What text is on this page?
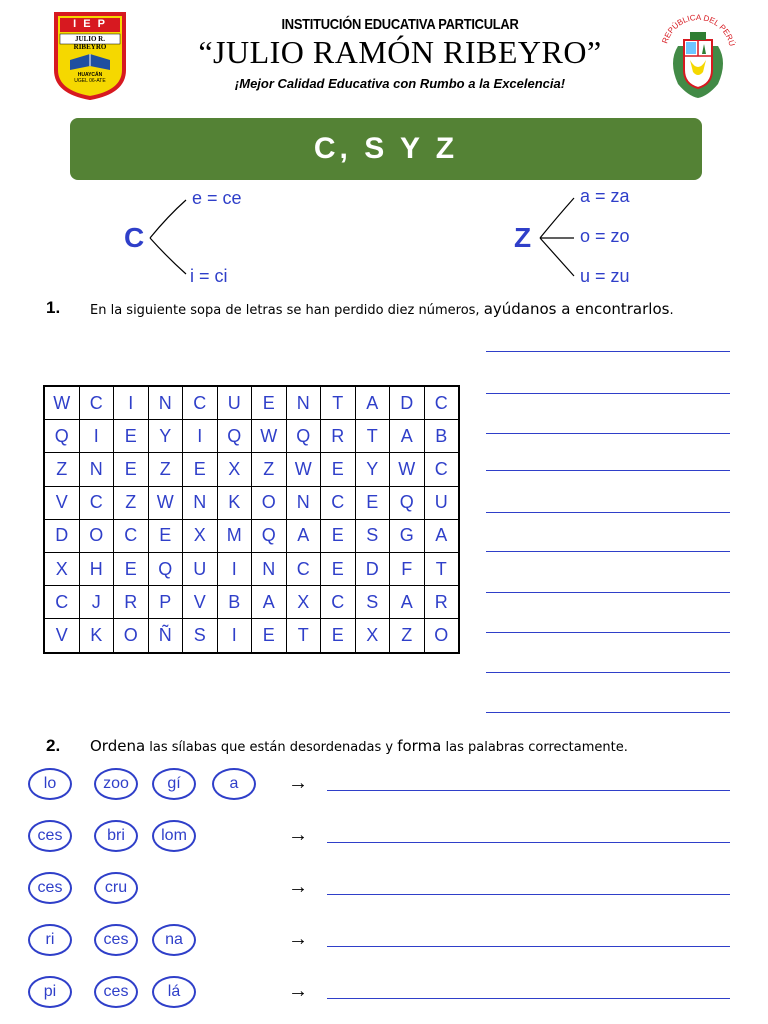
I E P
JULIO R. RIBEYRO
HUAYCÁN
UGEL 06-ATE
INSTITUCIÓN EDUCATIVA PARTICULAR
“JULIO RAMÓN RIBEYRO”
¡Mejor Calidad Educativa con Rumbo a la Excelencia!
REPÚBLICA DEL PERÚ
C, S Y Z
C
e = ce
i = ci
Z
a = za
o = zo
u = zu
1. En la siguiente sopa de letras se han perdido diez números, ayúdanos a encontrarlos.
W	C	I	N	C	U	E	N	T	A	D	C
Q	I	E	Y	I	Q	W	Q	R	T	A	B
Z	N	E	Z	E	X	Z	W	E	Y	W	C
V	C	Z	W	N	K	O	N	C	E	Q	U
D	O	C	E	X	M	Q	A	E	S	G	A
X	H	E	Q	U	I	N	C	E	D	F	T
C	J	R	P	V	B	A	X	C	S	A	R
V	K	O	Ñ	S	I	E	T	E	X	Z	O
2. Ordena las sílabas que están desordenadas y forma las palabras correctamente.
lo	zoo	gí	a	→
ces	bri	lom	→
ces	cru	→
ri	ces	na	→
pi	ces	lá	→
